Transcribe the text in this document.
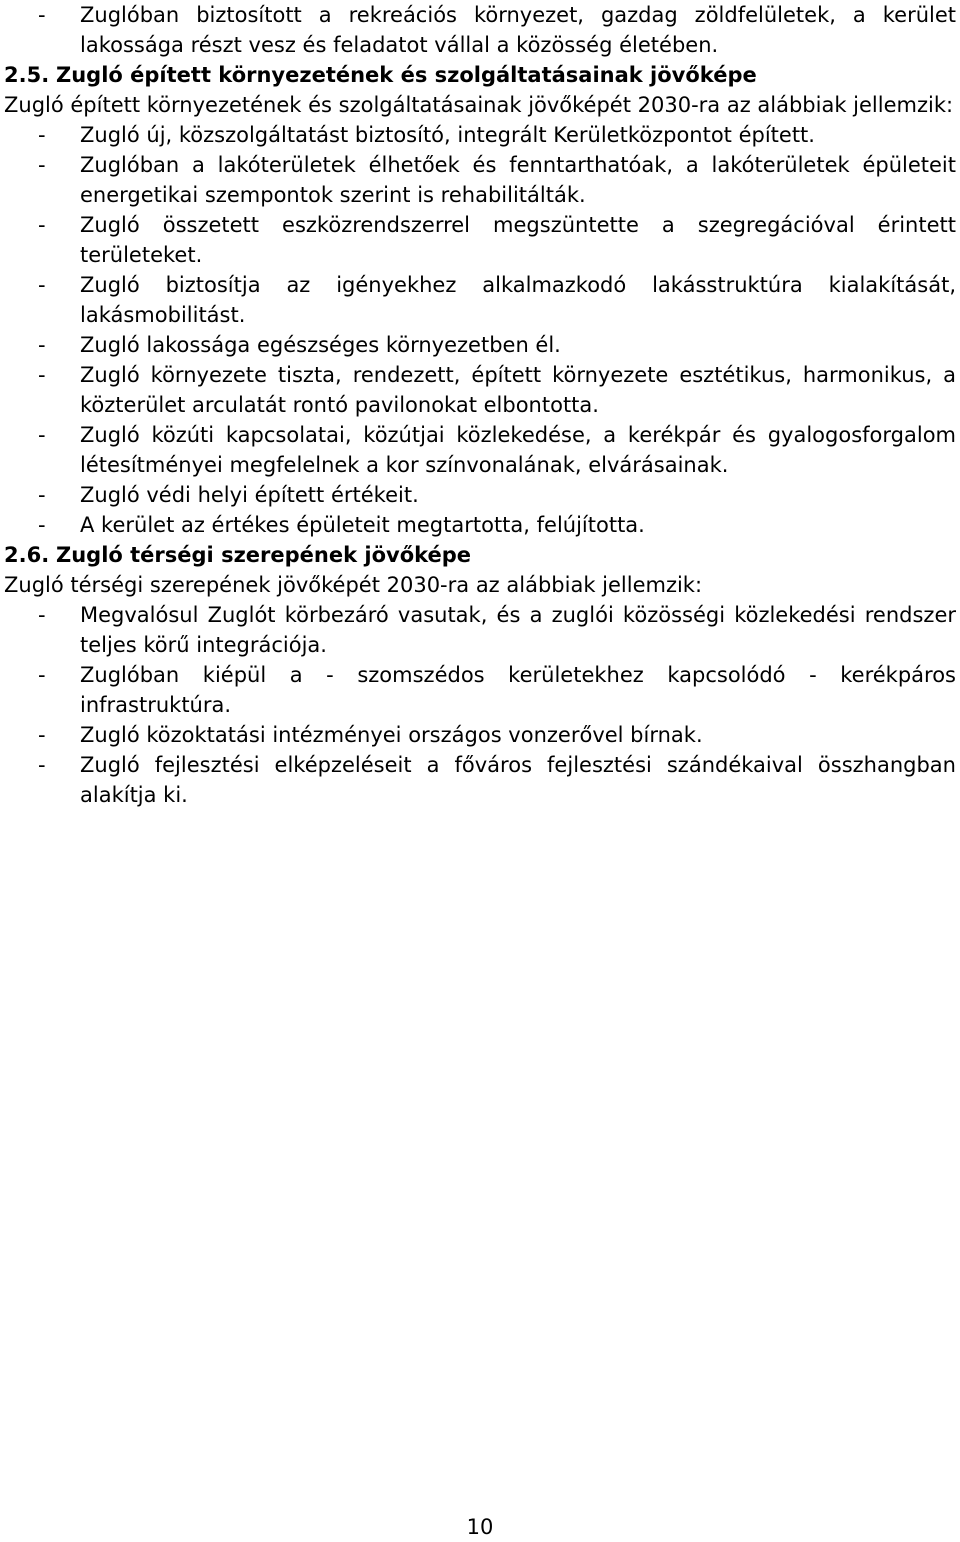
- Zuglóban biztosított a rekreációs környezet, gazdag zöldfelületek, a kerület lakossága részt vesz és feladatot vállal a közösség életében.
2.5. Zugló épített környezetének és szolgáltatásainak jövőképe

Zugló épített környezetének és szolgáltatásainak jövőképét 2030-ra az alábbiak jellemzik:

- Zugló új, közszolgáltatást biztosító, integrált Kerületközpontot épített.
- Zuglóban a lakóterületek élhetőek és fenntarthatóak, a lakóterületek épületeit energetikai szempontok szerint is rehabilitálták.
- Zugló összetett eszközrendszerrel megszüntette a szegregációval érintett területeket.
- Zugló biztosítja az igényekhez alkalmazkodó lakásstruktúra kialakítását, lakásmobilitást.
- Zugló lakossága egészséges környezetben él.
- Zugló környezete tiszta, rendezett, épített környezete esztétikus, harmonikus, a közterület arculatát rontó pavilonokat elbontotta.
- Zugló közúti kapcsolatai, közútjai közlekedése, a kerékpár és gyalogosforgalom létesítményei megfelelnek a kor színvonalának, elvárásainak.
- Zugló védi helyi épített értékeit.
- A kerület az értékes épületeit megtartotta, felújította.
2.6. Zugló térségi szerepének jövőképe

Zugló térségi szerepének jövőképét 2030-ra az alábbiak jellemzik:

- Megvalósul Zuglót körbezáró vasutak, és a zuglói közösségi közlekedési rendszer teljes körű integrációja.
- Zuglóban kiépül a - szomszédos kerületekhez kapcsolódó - kerékpáros infrastruktúra.
- Zugló közoktatási intézményei országos vonzerővel bírnak.
- Zugló fejlesztési elképzeléseit a főváros fejlesztési szándékaival összhangban alakítja ki.
10
